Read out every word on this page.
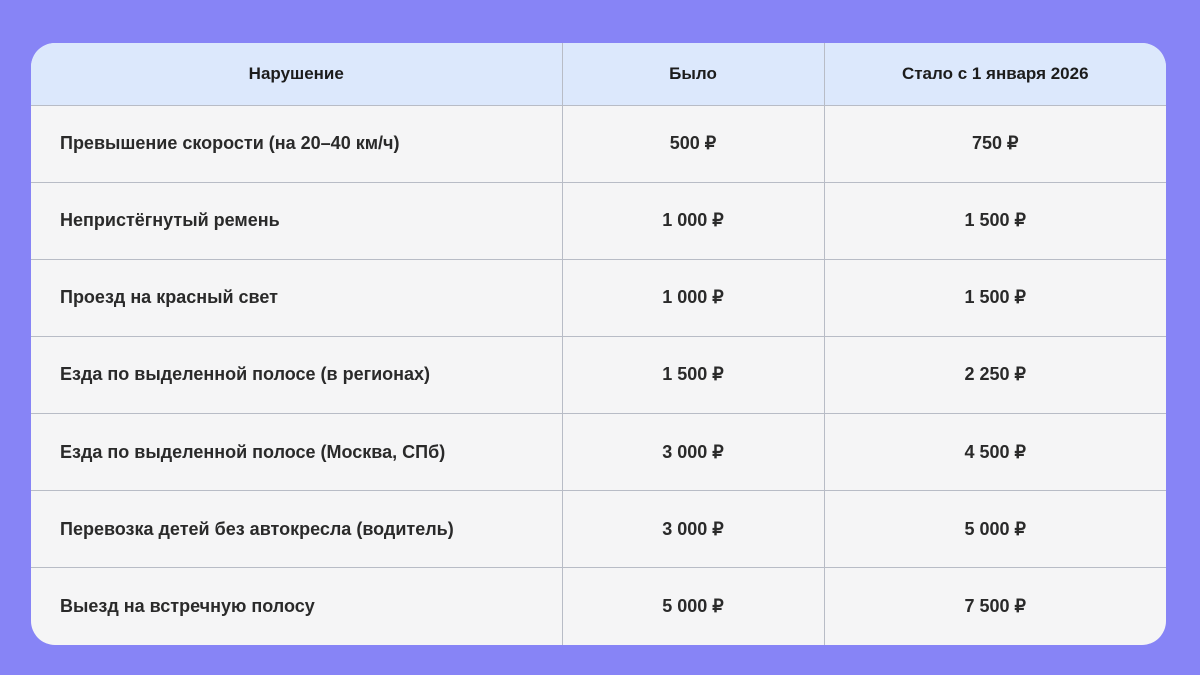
Нарушение	Было	Стало с 1 января 2026
Превышение скорости (на 20–40 км/ч)	500 ₽	750 ₽
Непристёгнутый ремень	1 000 ₽	1 500 ₽
Проезд на красный свет	1 000 ₽	1 500 ₽
Езда по выделенной полосе (в регионах)	1 500 ₽	2 250 ₽
Езда по выделенной полосе (Москва, СПб)	3 000 ₽	4 500 ₽
Перевозка детей без автокресла (водитель)	3 000 ₽	5 000 ₽
Выезд на встречную полосу	5 000 ₽	7 500 ₽
